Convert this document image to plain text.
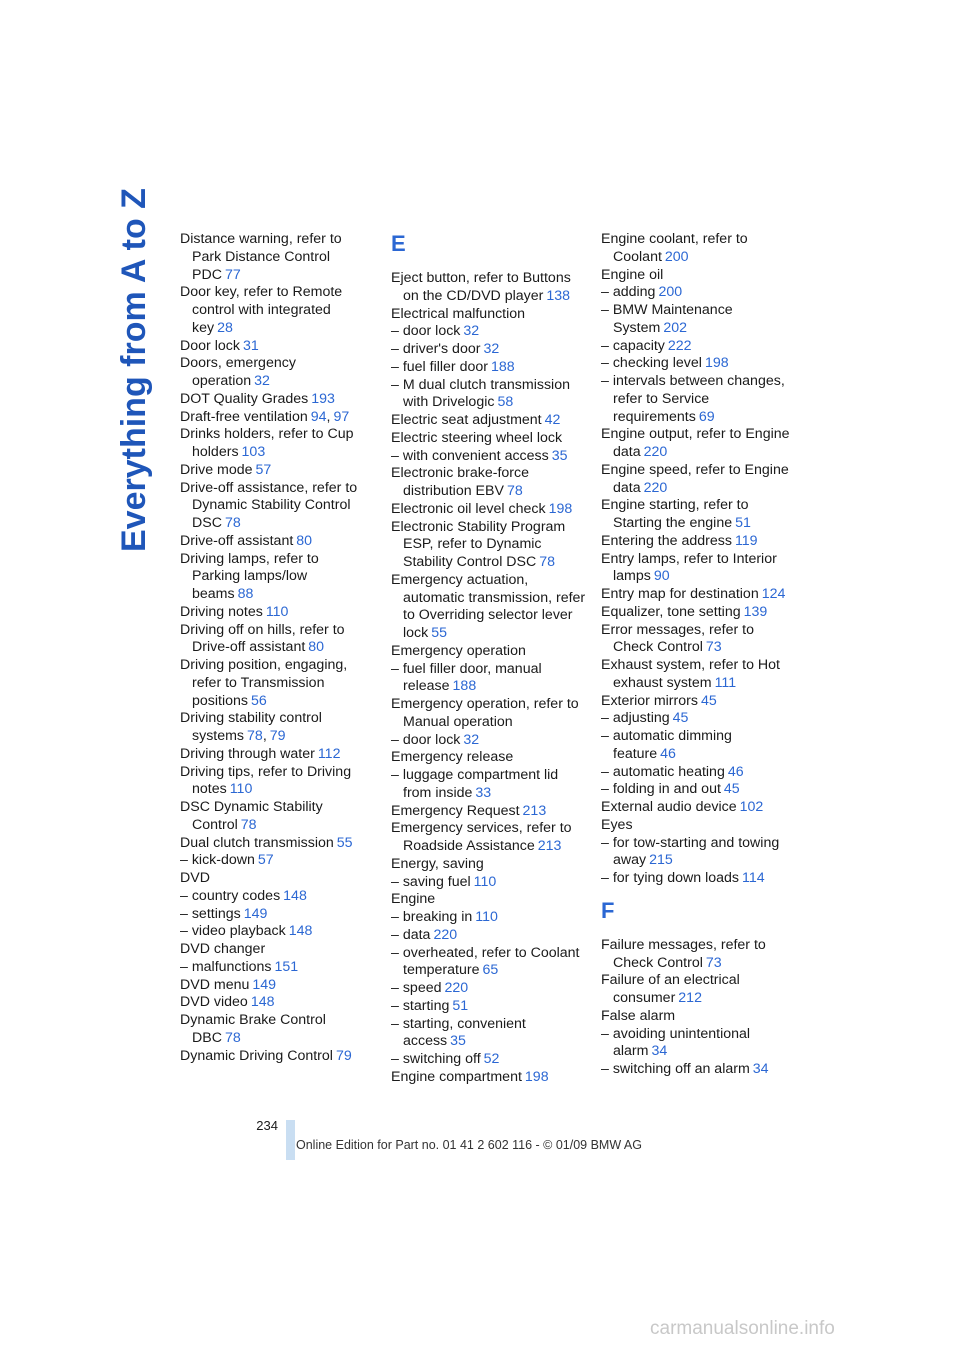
Everything from A to Z Distance warning, refer to Park Distance Control PDC 77

Door key, refer to Remote control with integrated key 28

Door lock 31

Doors, emergency operation 32

DOT Quality Grades 193

Draft-free ventilation 94, 97

Drinks holders, refer to Cup holders 103

Drive mode 57

Drive-off assistance, refer to Dynamic Stability Control DSC 78

Drive-off assistant 80

Driving lamps, refer to Parking lamps/low beams 88

Driving notes 110

Driving off on hills, refer to Drive-off assistant 80

Driving position, engaging, refer to Transmission positions 56

Driving stability control systems 78, 79

Driving through water 112

Driving tips, refer to Driving notes 110

DSC Dynamic Stability Control 78

Dual clutch transmission 55

– kick-down 57

DVD

– country codes 148

– settings 149

– video playback 148

DVD changer

– malfunctions 151

DVD menu 149

DVD video 148

Dynamic Brake Control DBC 78

Dynamic Driving Control 79

E

Eject button, refer to Buttons on the CD/DVD player 138

Electrical malfunction

– door lock 32

– driver's door 32

– fuel filler door 188

– M dual clutch transmission with Drivelogic 58

Electric seat adjustment 42

Electric steering wheel lock

– with convenient access 35

Electronic brake-force distribution EBV 78

Electronic oil level check 198

Electronic Stability Program ESP, refer to Dynamic Stability Control DSC 78

Emergency actuation, automatic transmission, refer to Overriding selector lever lock 55

Emergency operation

– fuel filler door, manual release 188

Emergency operation, refer to Manual operation

– door lock 32

Emergency release

– luggage compartment lid from inside 33

Emergency Request 213

Emergency services, refer to Roadside Assistance 213

Energy, saving

– saving fuel 110

Engine

– breaking in 110

– data 220

– overheated, refer to Coolant temperature 65

– speed 220

– starting 51

– starting, convenient access 35

– switching off 52

Engine compartment 198

Engine coolant, refer to Coolant 200

Engine oil

– adding 200

– BMW Maintenance System 202

– capacity 222

– checking level 198

– intervals between changes, refer to Service requirements 69

Engine output, refer to Engine data 220

Engine speed, refer to Engine data 220

Engine starting, refer to Starting the engine 51

Entering the address 119

Entry lamps, refer to Interior lamps 90

Entry map for destination 124

Equalizer, tone setting 139

Error messages, refer to Check Control 73

Exhaust system, refer to Hot exhaust system 111

Exterior mirrors 45

– adjusting 45

– automatic dimming feature 46

– automatic heating 46

– folding in and out 45

External audio device 102

Eyes

– for tow-starting and towing away 215

– for tying down loads 114

F

Failure messages, refer to Check Control 73

Failure of an electrical consumer 212

False alarm

– avoiding unintentional alarm 34

– switching off an alarm 34

234
Online Edition for Part no. 01 41 2 602 116 - © 01/09 BMW AG
carmanualsonline.info
